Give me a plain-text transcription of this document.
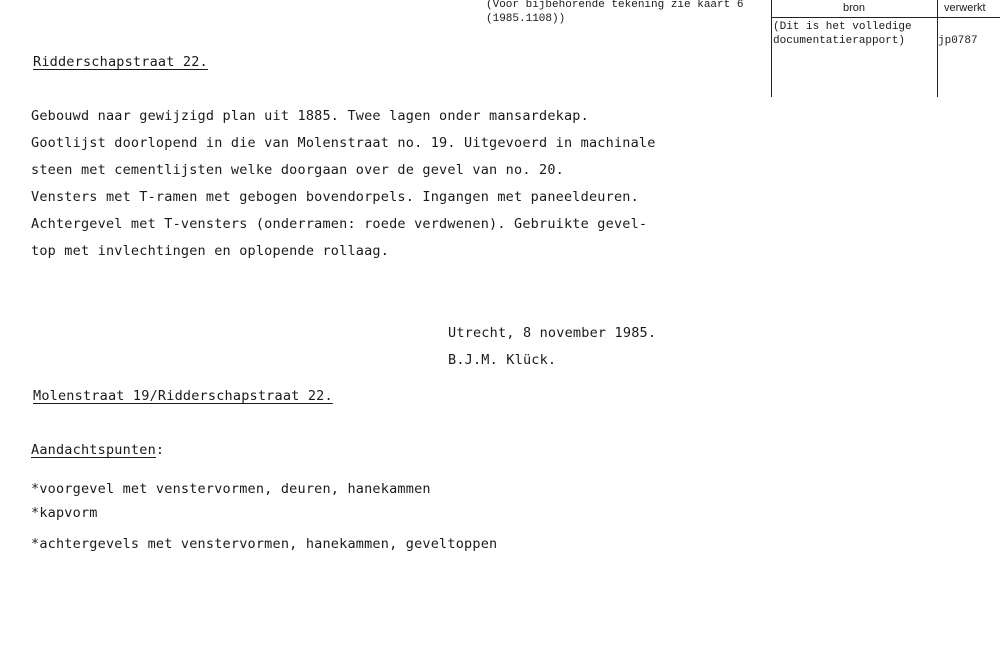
(Voor bijbehorende tekening zie kaart 6
(1985.1108))
bron	verwerkt
(Dit is het volledige
documentatierapport)	jp0787
Ridderschapstraat 22.
Gebouwd naar gewijzigd plan uit 1885. Twee lagen onder mansardekap.
Gootlijst doorlopend in die van Molenstraat no. 19. Uitgevoerd in machinale
steen met cementlijsten welke doorgaan over de gevel van no. 20.
Vensters met T-ramen met gebogen bovendorpels. Ingangen met paneeldeuren.
Achtergevel met T-vensters (onderramen: roede verdwenen). Gebruikte gevel-
top met invlechtingen en oplopende rollaag.
Utrecht, 8 november 1985.
B.J.M. Klück.
Molenstraat 19/Ridderschapstraat 22.
Aandachtspunten:
*voorgevel met venstervormen, deuren, hanekammen
*kapvorm
*achtergevels met venstervormen, hanekammen, geveltoppen
